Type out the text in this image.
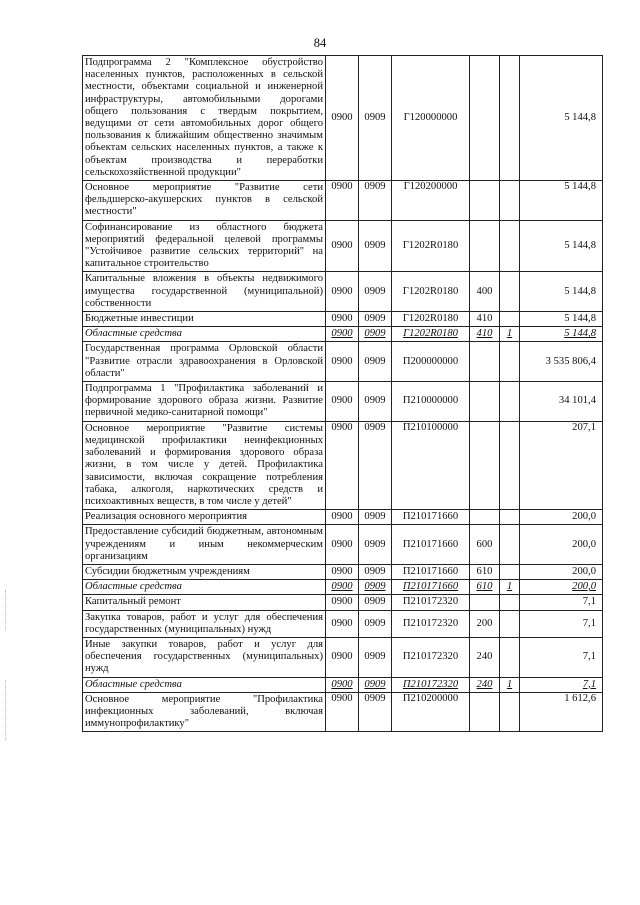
84
Подпрограмма 2 "Комплексное обустройство населенных пунктов, расположенных в сельской местности, объектами социальной и инженерной инфраструктуры, автомобильными дорогами общего пользования с твердым покрытием, ведущими от сети автомобильных дорог общего пользования к ближайшим общественно значимым объектам сельских населенных пунктов, а также к объектам производства и переработки сельскохозяйственной продукции"	0900	0909	Г120000000			5 144,8
Основное мероприятие "Развитие сети фельдшерско-акушерских пунктов в сельской местности"	0900	0909	Г120200000			5 144,8
Софинансирование из областного бюджета мероприятий федеральной целевой программы "Устойчивое развитие сельских территорий" на капитальное строительство	0900	0909	Г1202R0180			5 144,8
Капитальные вложения в объекты недвижимого имущества государственной (муниципальной) собственности	0900	0909	Г1202R0180	400		5 144,8
Бюджетные инвестиции	0900	0909	Г1202R0180	410		5 144,8
Областные средства	0900	0909	Г1202R0180	410	1	5 144,8
Государственная программа Орловской области "Развитие отрасли здравоохранения в Орловской области"	0900	0909	П200000000			3 535 806,4
Подпрограмма 1 "Профилактика заболеваний и формирование здорового образа жизни. Развитие первичной медико-санитарной помощи"	0900	0909	П210000000			34 101,4
Основное мероприятие "Развитие системы медицинской профилактики неинфекционных заболеваний и формирования здорового образа жизни, в том числе у детей. Профилактика зависимости, включая сокращение потребления табака, алкоголя, наркотических средств и психоактивных веществ, в том числе у детей"	0900	0909	П210100000			207,1
Реализация основного мероприятия	0900	0909	П210171660			200,0
Предоставление субсидий бюджетным, автономным учреждениям и иным некоммерческим организациям	0900	0909	П210171660	600		200,0
Субсидии бюджетным учреждениям	0900	0909	П210171660	610		200,0
Областные средства	0900	0909	П210171660	610	1	200,0
Капитальный ремонт	0900	0909	П210172320			7,1
Закупка товаров, работ и услуг для обеспечения государственных (муниципальных) нужд	0900	0909	П210172320	200		7,1
Иные закупки товаров, работ и услуг для обеспечения государственных (муниципальных) нужд	0900	0909	П210172320	240		7,1
Областные средства	0900	0909	П210172320	240	1	7,1
Основное мероприятие "Профилактика инфекционных заболеваний, включая иммунопрофилактику"	0900	0909	П210200000			1 612,6
